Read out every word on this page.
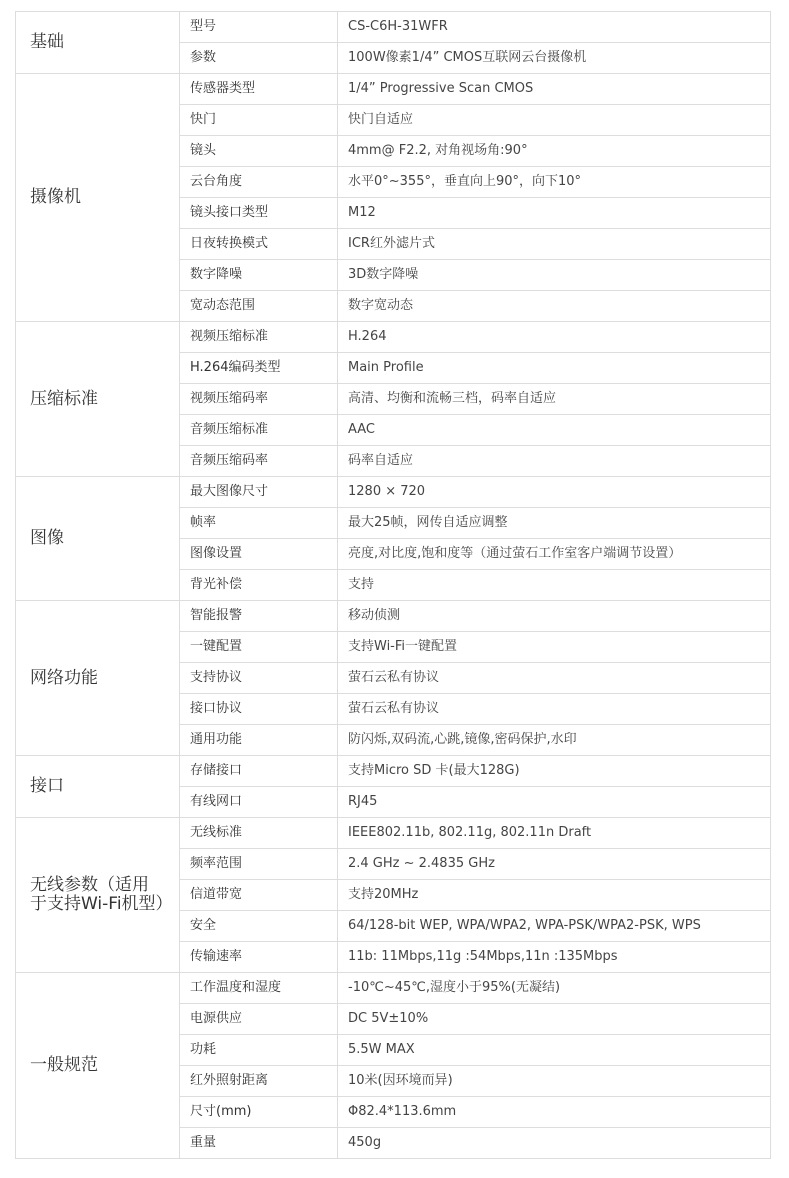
基础	型号	CS-C6H-31WFR
	参数	100W像素1/4” CMOS互联网云台摄像机
摄像机	传感器类型	1/4” Progressive Scan CMOS
	快门	快门自适应
	镜头	4mm@ F2.2, 对角视场角:90°
	云台角度	水平0°~355°，垂直向上90°，向下10°
	镜头接口类型	M12
	日夜转换模式	ICR红外滤片式
	数字降噪	3D数字降噪
	宽动态范围	数字宽动态
压缩标准	视频压缩标准	H.264
	H.264编码类型	Main Profile
	视频压缩码率	高清、均衡和流畅三档，码率自适应
	音频压缩标准	AAC
	音频压缩码率	码率自适应
图像	最大图像尺寸	1280 × 720
	帧率	最大25帧，网传自适应调整
	图像设置	亮度,对比度,饱和度等（通过萤石工作室客户端调节设置）
	背光补偿	支持
网络功能	智能报警	移动侦测
	一键配置	支持Wi-Fi一键配置
	支持协议	萤石云私有协议
	接口协议	萤石云私有协议
	通用功能	防闪烁,双码流,心跳,镜像,密码保护,水印
接口	存储接口	支持Micro SD 卡(最大128G)
	有线网口	RJ45
无线参数（适用于支持Wi-Fi机型）	无线标准	IEEE802.11b, 802.11g, 802.11n Draft
	频率范围	2.4 GHz ~ 2.4835 GHz
	信道带宽	支持20MHz
	安全	64/128-bit WEP, WPA/WPA2, WPA-PSK/WPA2-PSK, WPS
	传输速率	11b: 11Mbps,11g :54Mbps,11n :135Mbps
一般规范	工作温度和湿度	-10℃~45℃,湿度小于95%(无凝结)
	电源供应	DC 5V±10%
	功耗	5.5W MAX
	红外照射距离	10米(因环境而异)
	尺寸(mm)	Φ82.4*113.6mm
	重量	450g
